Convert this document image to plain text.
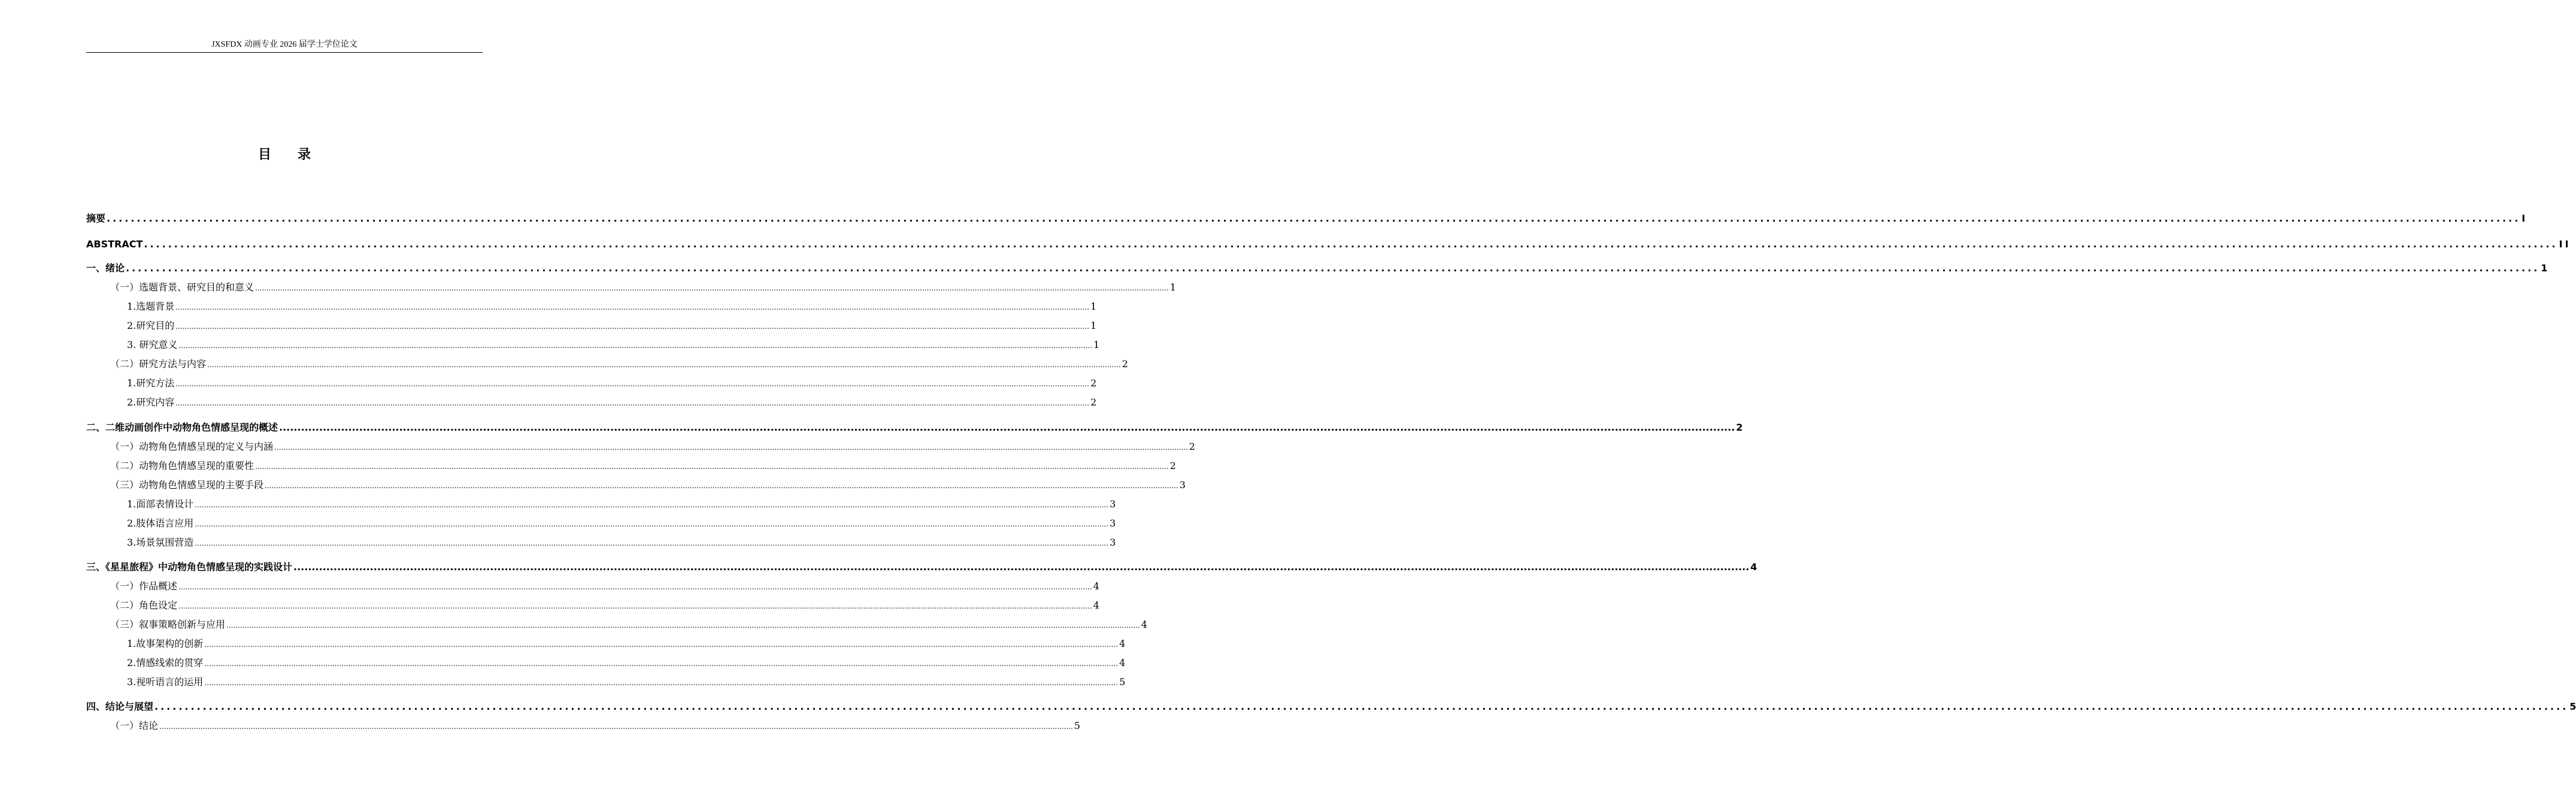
JXSFDX 动画专业 2026 届学士学位论文
目 录
摘要 ................................................................................................................................................................................................................................................................................................................................................................................................................ I
ABSTRACT ................................................................................................................................................................................................................................................................................................................................................................................................................ II
一、绪论 ................................................................................................................................................................................................................................................................................................................................................................................................................ 1
（一）选题背景、研究目的和意义 ................................................................................................................................................................................................................................................................................................................................................................................................................ 1
1.选题背景 ................................................................................................................................................................................................................................................................................................................................................................................................................ 1
2.研究目的 ................................................................................................................................................................................................................................................................................................................................................................................................................ 1
3. 研究意义 ................................................................................................................................................................................................................................................................................................................................................................................................................ 1
（二）研究方法与内容 ................................................................................................................................................................................................................................................................................................................................................................................................................ 2
1.研究方法 ................................................................................................................................................................................................................................................................................................................................................................................................................ 2
2.研究内容 ................................................................................................................................................................................................................................................................................................................................................................................................................ 2
二、二维动画创作中动物角色情感呈现的概述 ................................................................................................................................................................................................................................................................................................................................................................................................................ 2
（一）动物角色情感呈现的定义与内涵 ................................................................................................................................................................................................................................................................................................................................................................................................................ 2
（二）动物角色情感呈现的重要性 ................................................................................................................................................................................................................................................................................................................................................................................................................ 2
（三）动物角色情感呈现的主要手段 ................................................................................................................................................................................................................................................................................................................................................................................................................ 3
1.面部表情设计 ................................................................................................................................................................................................................................................................................................................................................................................................................ 3
2.肢体语言应用 ................................................................................................................................................................................................................................................................................................................................................................................................................ 3
3.场景氛围营造 ................................................................................................................................................................................................................................................................................................................................................................................................................ 3
三、《星星旅程》中动物角色情感呈现的实践设计 ................................................................................................................................................................................................................................................................................................................................................................................................................ 4
（一）作品概述 ................................................................................................................................................................................................................................................................................................................................................................................................................ 4
（二）角色设定 ................................................................................................................................................................................................................................................................................................................................................................................................................ 4
（三）叙事策略创新与应用 ................................................................................................................................................................................................................................................................................................................................................................................................................ 4
1.故事架构的创新 ................................................................................................................................................................................................................................................................................................................................................................................................................ 4
2.情感线索的贯穿 ................................................................................................................................................................................................................................................................................................................................................................................................................ 4
3.视听语言的运用 ................................................................................................................................................................................................................................................................................................................................................................................................................ 5
四、结论与展望 ................................................................................................................................................................................................................................................................................................................................................................................................................ 5
（一）结论 ................................................................................................................................................................................................................................................................................................................................................................................................................ 5
